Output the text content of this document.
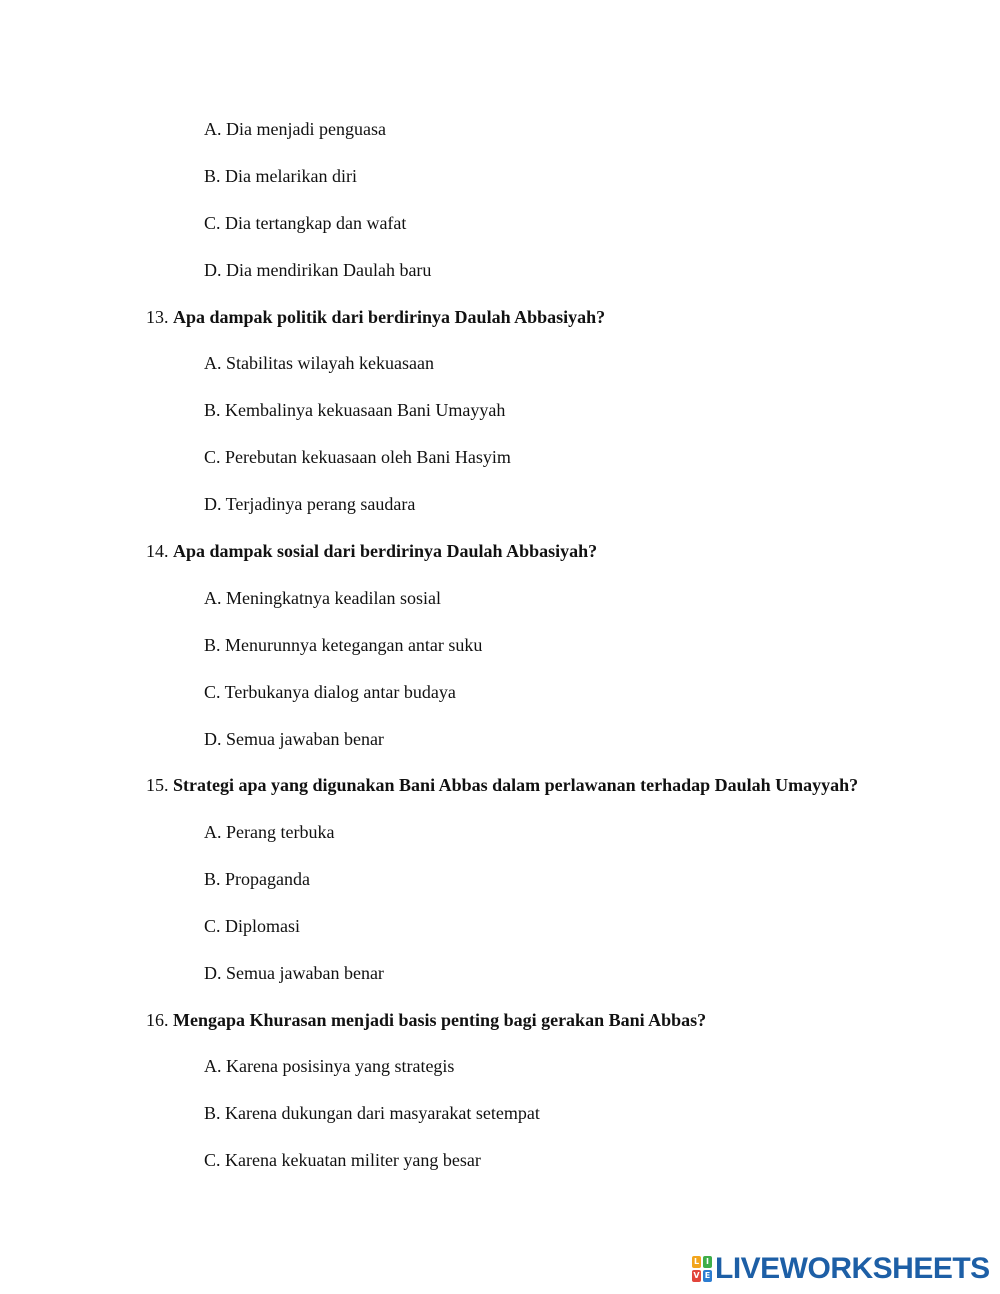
A. Dia menjadi penguasa
B. Dia melarikan diri
C. Dia tertangkap dan wafat
D. Dia mendirikan Daulah baru
13. Apa dampak politik dari berdirinya Daulah Abbasiyah?
A. Stabilitas wilayah kekuasaan
B. Kembalinya kekuasaan Bani Umayyah
C. Perebutan kekuasaan oleh Bani Hasyim
D. Terjadinya perang saudara
14. Apa dampak sosial dari berdirinya Daulah Abbasiyah?
A. Meningkatnya keadilan sosial
B. Menurunnya ketegangan antar suku
C. Terbukanya dialog antar budaya
D. Semua jawaban benar
15. Strategi apa yang digunakan Bani Abbas dalam perlawanan terhadap Daulah Umayyah?
A. Perang terbuka
B. Propaganda
C. Diplomasi
D. Semua jawaban benar
16. Mengapa Khurasan menjadi basis penting bagi gerakan Bani Abbas?
A. Karena posisinya yang strategis
B. Karena dukungan dari masyarakat setempat
C. Karena kekuatan militer yang besar
L I
V E LIVEWORKSHEETS
